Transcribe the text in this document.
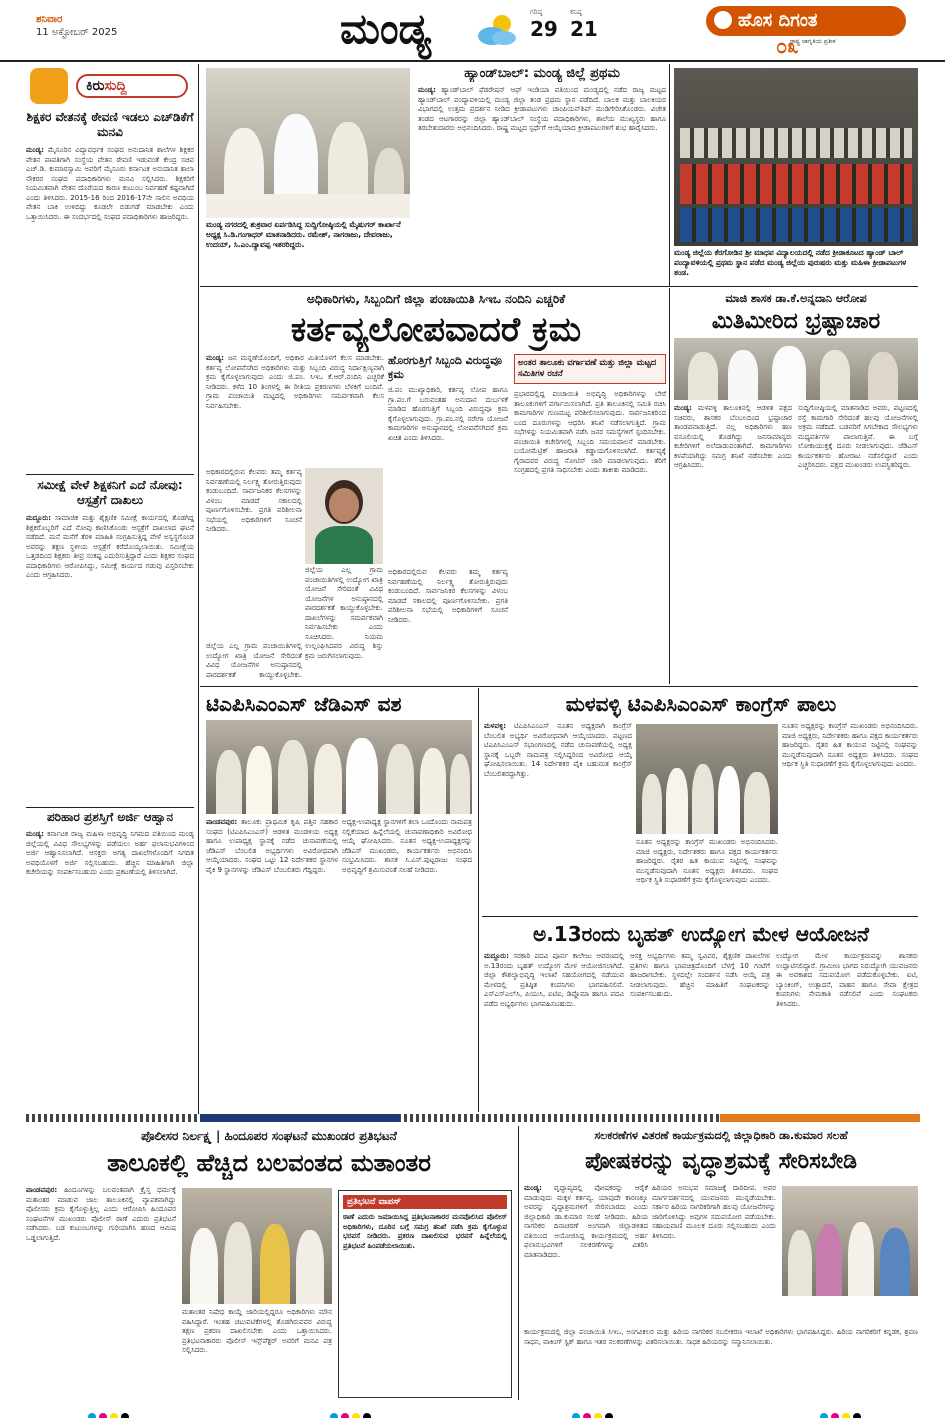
ಶನಿವಾರ
11 ಅಕ್ಟೋಬರ್ 2025	ಮಂಡ್ಯ	ಗರಿಷ್ಠ
29
ಕನಿಷ್ಠ
21	ಹೊಸ ದಿಗಂತ
ರಾಷ್ಟ್ರ ಜಾಗೃತಿಯ ಪ್ರತೀಕ
೦೩
ಕಿರುಸುದ್ದಿ
ಶಿಕ್ಷಕರ ವೇತನಕ್ಕೆ ಠೇವಣಿ ಇಡಲು ಎಚ್‌ಡಿಕೆಗೆ ಮನವಿ
ಮಂಡ್ಯ: ಮೈಸೂರಿನ ವಿದ್ಯಾವರ್ಧಕ ಸಂಘದ ಅನುದಾನಿತ ಶಾಲೆಗಳ ಶಿಕ್ಷಕರ ವೇತನ ಪಾವತಿಗಾಗಿ ಸಂಸ್ಥೆಯ ವೇತನ ಠೇವಣಿ ಇಡುವಂತೆ ಕೇಂದ್ರ ಸಚಿವ ಎಚ್.ಡಿ. ಕುಮಾರಸ್ವಾಮಿ ಅವರಿಗೆ ಮೈಸೂರು ಕರ್ನಾಟಕ ಅನುದಾನಿತ ಶಾಲಾ ನೌಕರರ ಸಂಘದ ಪದಾಧಿಕಾರಿಗಳು ಮನವಿ ಸಲ್ಲಿಸಿದರು. ಶಿಕ್ಷಕರಿಗೆ ನಿಯಮಿತವಾಗಿ ವೇತನ ದೊರೆಯದ ಕಾರಣ ಕುಟುಂಬ ನಿರ್ವಹಣೆ ಕಷ್ಟವಾಗಿದೆ ಎಂದು ತಿಳಿಸಿದರು. 2015-16 ರಿಂದ 2016-17ನೇ ಸಾಲಿನ ಅವಧಿಯ ವೇತನ ಬಾಕಿ ಉಳಿದಿದ್ದು ಕೂಡಲೇ ಬಿಡುಗಡೆ ಮಾಡಬೇಕು ಎಂದು ಒತ್ತಾಯಿಸಿದರು. ಈ ಸಂದರ್ಭದಲ್ಲಿ ಸಂಘದ ಪದಾಧಿಕಾರಿಗಳು ಹಾಜರಿದ್ದರು.
ಸಮೀಕ್ಷೆ ವೇಳೆ ಶಿಕ್ಷಕನಿಗೆ ಎದೆ ನೋವು: ಆಸ್ಪತ್ರೆಗೆ ದಾಖಲು
ಮದ್ದೂರು: ಸಾಮಾಜಿಕ ಮತ್ತು ಶೈಕ್ಷಣಿಕ ಸಮೀಕ್ಷೆ ಕಾರ್ಯದಲ್ಲಿ ತೊಡಗಿದ್ದ ಶಿಕ್ಷಕರೊಬ್ಬರಿಗೆ ಎದೆ ನೋವು ಕಾಣಿಸಿಕೊಂಡು ಆಸ್ಪತ್ರೆಗೆ ದಾಖಲಾದ ಘಟನೆ ನಡೆದಿದೆ. ಮನೆ ಮನೆಗೆ ತೆರಳಿ ಮಾಹಿತಿ ಸಂಗ್ರಹಿಸುತ್ತಿದ್ದ ವೇಳೆ ಅಸ್ವಸ್ಥಗೊಂಡ ಅವರನ್ನು ತಕ್ಷಣ ಸ್ಥಳೀಯ ಆಸ್ಪತ್ರೆಗೆ ಕರೆದೊಯ್ಯಲಾಯಿತು. ಸಮೀಕ್ಷೆಯ ಒತ್ತಡದಿಂದ ಶಿಕ್ಷಕರು ತೀವ್ರ ಸಂಕಷ್ಟ ಎದುರಿಸುತ್ತಿದ್ದಾರೆ ಎಂದು ಶಿಕ್ಷಕರ ಸಂಘದ ಪದಾಧಿಕಾರಿಗಳು ಆರೋಪಿಸಿದ್ದು, ಸಮೀಕ್ಷೆ ಕಾರ್ಯದ ಗಡುವು ವಿಸ್ತರಿಸಬೇಕು ಎಂದು ಆಗ್ರಹಿಸಿದರು.
ಪರಿಹಾರ ಪ್ರಶಸ್ತಿಗೆ ಅರ್ಜಿ ಆಹ್ವಾನ
ಮಂಡ್ಯ: ಕರ್ನಾಟಕ ರಾಜ್ಯ ಮಹಿಳಾ ಅಭಿವೃದ್ಧಿ ನಿಗಮದ ವತಿಯಿಂದ ಮಂಡ್ಯ ಜಿಲ್ಲೆಯಲ್ಲಿ ವಿವಿಧ ಸೌಲಭ್ಯಗಳನ್ನು ಪಡೆಯಲು ಅರ್ಹ ಫಲಾನುಭವಿಗಳಿಂದ ಅರ್ಜಿ ಆಹ್ವಾನಿಸಲಾಗಿದೆ. ಆಸಕ್ತರು ಅಗತ್ಯ ದಾಖಲೆಗಳೊಂದಿಗೆ ನಿಗದಿತ ಅವಧಿಯೊಳಗೆ ಅರ್ಜಿ ಸಲ್ಲಿಸಬಹುದು. ಹೆಚ್ಚಿನ ಮಾಹಿತಿಗಾಗಿ ಜಿಲ್ಲಾ ಕಚೇರಿಯನ್ನು ಸಂಪರ್ಕಿಸಬಹುದು ಎಂದು ಪ್ರಕಟಣೆಯಲ್ಲಿ ತಿಳಿಸಲಾಗಿದೆ.
ಮಂಡ್ಯ ನಗರದಲ್ಲಿ ಶುಕ್ರವಾರ ಏರ್ಪಡಿಸಿದ್ದ ಸುದ್ದಿಗೋಷ್ಠಿಯಲ್ಲಿ ಮೈಷುಗರ್ ಕಾರ್ಖಾನೆ ಅಧ್ಯಕ್ಷ ಸಿ.ಡಿ.ಗಂಗಾಧರ್ ಮಾತನಾಡಿದರು. ರಮೇಶ್, ನಾಗರಾಜು, ದೇವರಾಜು, ಉದಯ್, ಸಿ.ಎಂ.ದ್ಯಾವಪ್ಪ ಇತರರಿದ್ದರು.
ಹ್ಯಾಂಡ್‌ಬಾಲ್: ಮಂಡ್ಯ ಜಿಲ್ಲೆ ಪ್ರಥಮ
ಮಂಡ್ಯ: ಹ್ಯಾಂಡ್‌ಬಾಲ್ ಫೆಡರೇಷನ್ ಆಫ್ ಇಂಡಿಯಾ ವತಿಯಿಂದ ಮಂಡ್ಯದಲ್ಲಿ ನಡೆದ ರಾಜ್ಯ ಮಟ್ಟದ ಹ್ಯಾಂಡ್‌ಬಾಲ್ ಪಂದ್ಯಾವಳಿಯಲ್ಲಿ ಮಂಡ್ಯ ಜಿಲ್ಲಾ ತಂಡ ಪ್ರಥಮ ಸ್ಥಾನ ಪಡೆದಿದೆ. ಬಾಲಕ ಮತ್ತು ಬಾಲಕಿಯರ ವಿಭಾಗದಲ್ಲಿ ಉತ್ತಮ ಪ್ರದರ್ಶನ ನೀಡಿದ ಕ್ರೀಡಾಪಟುಗಳು ಚಾಂಪಿಯನ್‌ಶಿಪ್ ಮುಡಿಗೇರಿಸಿಕೊಂಡರು. ವಿಜೇತ ತಂಡದ ಆಟಗಾರರನ್ನು ಜಿಲ್ಲಾ ಹ್ಯಾಂಡ್‌ಬಾಲ್ ಸಂಸ್ಥೆಯ ಪದಾಧಿಕಾರಿಗಳು, ಶಾಲೆಯ ಮುಖ್ಯಸ್ಥರು ಹಾಗೂ ತರಬೇತುದಾರರು ಅಭಿನಂದಿಸಿದರು. ರಾಷ್ಟ್ರ ಮಟ್ಟದ ಸ್ಪರ್ಧೆಗೆ ಆಯ್ಕೆಯಾದ ಕ್ರೀಡಾಪಟುಗಳಿಗೆ ಶುಭ ಹಾರೈಸಿದರು.
ಮಂಡ್ಯ ಜಿಲ್ಲೆಯ ಕೆರಗೋಡಿನ ಶ್ರೀ ಮಾಧವ ವಿದ್ಯಾಲಯದಲ್ಲಿ ನಡೆದ ಕ್ರೀಡಾಕೂಟದ ಹ್ಯಾಂಡ್ ಬಾಲ್ ಪಂದ್ಯಾವಳಿಯಲ್ಲಿ ಪ್ರಥಮ ಸ್ಥಾನ ಪಡೆದ ಮಂಡ್ಯ ಜಿಲ್ಲೆಯ ಪುರುಷರು ಮತ್ತು ಮಹಿಳಾ ಕ್ರೀಡಾಪಟುಗಳ ತಂಡ.
ಅಧಿಕಾರಿಗಳು, ಸಿಬ್ಬಂದಿಗೆ ಜಿಲ್ಲಾ ಪಂಚಾಯಿತಿ ಸಿಇಒ ನಂದಿನಿ ಎಚ್ಚರಿಕೆ
ಕರ್ತವ್ಯಲೋಪವಾದರೆ ಕ್ರಮ
ಮಂಡ್ಯ: ಜನ ಮನ್ನಣೆಯೊಂದಿಗೆ, ಅಧಿಕಾರ ಮಿತಿಯೊಳಗೆ ಕೆಲಸ ಮಾಡಬೇಕು. ಕರ್ತವ್ಯ ಲೋಪವೆಸಗಿದ ಅಧಿಕಾರಿಗಳು ಮತ್ತು ಸಿಬ್ಬಂದಿ ವಿರುದ್ಧ ನಿರ್ದಾಕ್ಷಿಣ್ಯವಾಗಿ ಕ್ರಮ ಕೈಗೊಳ್ಳಲಾಗುವುದು ಎಂದು ಜಿ.ಪಂ. ಸಿಇಒ ಕೆ.ಆರ್.ನಂದಿನಿ ಎಚ್ಚರಿಕೆ ನೀಡಿದರು. ಕಳೆದ 10 ತಿಂಗಳಲ್ಲಿ ಈ ರೀತಿಯ ಪ್ರಕರಣಗಳು ಬೆಳಕಿಗೆ ಬಂದಿವೆ. ಗ್ರಾಮ ಪಂಚಾಯಿತಿ ಮಟ್ಟದಲ್ಲಿ ಅಧಿಕಾರಿಗಳು ಸಮರ್ಪಕವಾಗಿ ಕೆಲಸ ನಿರ್ವಹಿಸಬೇಕು.
ಅಧಿಕಾರದಲ್ಲಿರುವ ಕೆಲವರು ತಮ್ಮ ಕರ್ತವ್ಯ ನಿರ್ವಹಣೆಯಲ್ಲಿ ನಿರ್ಲಕ್ಷ್ಯ ತೋರುತ್ತಿರುವುದು ಕಂಡುಬಂದಿದೆ. ಸಾರ್ವಜನಿಕರ ಕೆಲಸಗಳನ್ನು ವಿಳಂಬ ಮಾಡದೆ ಸಕಾಲದಲ್ಲಿ ಪೂರ್ಣಗೊಳಿಸಬೇಕು. ಪ್ರಗತಿ ಪರಿಶೀಲನಾ ಸಭೆಯಲ್ಲಿ ಅಧಿಕಾರಿಗಳಿಗೆ ಸೂಚನೆ ನೀಡಿದರು.
ಜಿಲ್ಲೆಯ ಎಲ್ಲ ಗ್ರಾಮ ಪಂಚಾಯಿತಿಗಳಲ್ಲಿ ಉದ್ಯೋಗ ಖಾತ್ರಿ ಯೋಜನೆ ಸೇರಿದಂತೆ ವಿವಿಧ ಯೋಜನೆಗಳ ಅನುಷ್ಠಾನದಲ್ಲಿ ಪಾರದರ್ಶಕತೆ ಕಾಯ್ದುಕೊಳ್ಳಬೇಕು. ದಾಖಲೆಗಳನ್ನು ಸಮರ್ಪಕವಾಗಿ ನಿರ್ವಹಿಸಬೇಕು ಎಂದು ಸೂಚಿಸಿದರು. ನಿಯಮ ಉಲ್ಲಂಘಿಸಿದವರ ವಿರುದ್ಧ ಶಿಸ್ತು ಕ್ರಮ ಜರುಗಿಸಲಾಗುವುದು.
ಜಿಲ್ಲೆಯ ಎಲ್ಲ ಗ್ರಾಮ ಪಂಚಾಯಿತಿಗಳಲ್ಲಿ ಉದ್ಯೋಗ ಖಾತ್ರಿ ಯೋಜನೆ ಸೇರಿದಂತೆ ವಿವಿಧ ಯೋಜನೆಗಳ ಅನುಷ್ಠಾನದಲ್ಲಿ ಪಾರದರ್ಶಕತೆ ಕಾಯ್ದುಕೊಳ್ಳಬೇಕು.
ಹೊರಗುತ್ತಿಗೆ ಸಿಬ್ಬಂದಿ ವಿರುದ್ಧವೂ ಕ್ರಮ
ಜಿ.ಪಂ ಮುಖ್ಯಾಧಿಕಾರಿ, ಕರ್ತವ್ಯ ಲೋಪ ಹಾಗೂ ಗ್ರಾ.ಪಂ.ಗೆ ಬರುವಂತಹ ಅನುದಾನ ದುರ್ಬಳಕೆ ಮಾಡಿದ ಹೊರಗುತ್ತಿಗೆ ಸಿಬ್ಬಂದಿ ವಿರುದ್ಧವೂ ಕ್ರಮ ಕೈಗೊಳ್ಳಲಾಗುವುದು. ಗ್ರಾ.ಪಂ.ನಲ್ಲಿ ನರೇಗಾ ಯೋಜನೆ ಕಾಮಗಾರಿಗಳ ಅನುಷ್ಠಾನದಲ್ಲಿ ಲೋಪವೆಸಗಿದರೆ ಕ್ರಮ ಖಚಿತ ಎಂದು ತಿಳಿಸಿದರು.
ಅಧಿಕಾರದಲ್ಲಿರುವ ಕೆಲವರು ತಮ್ಮ ಕರ್ತವ್ಯ ನಿರ್ವಹಣೆಯಲ್ಲಿ ನಿರ್ಲಕ್ಷ್ಯ ತೋರುತ್ತಿರುವುದು ಕಂಡುಬಂದಿದೆ. ಸಾರ್ವಜನಿಕರ ಕೆಲಸಗಳನ್ನು ವಿಳಂಬ ಮಾಡದೆ ಸಕಾಲದಲ್ಲಿ ಪೂರ್ಣಗೊಳಿಸಬೇಕು. ಪ್ರಗತಿ ಪರಿಶೀಲನಾ ಸಭೆಯಲ್ಲಿ ಅಧಿಕಾರಿಗಳಿಗೆ ಸೂಚನೆ ನೀಡಿದರು.
ಅಂತರ ತಾಲೂಕು ವರ್ಗಾವಣೆ ಮತ್ತು ಜಿಲ್ಲಾ ಮಟ್ಟದ ಸಮಿತಿಗಳ ರಚನೆ
ಪ್ರಭಾರದಲ್ಲಿದ್ದ ಪಂಚಾಯಿತಿ ಅಭಿವೃದ್ಧಿ ಅಧಿಕಾರಿಗಳನ್ನು ಬೇರೆ ತಾಲೂಕುಗಳಿಗೆ ವರ್ಗಾಯಿಸಲಾಗಿದೆ. ಪ್ರತಿ ತಾಲೂಕಿನಲ್ಲಿ ಸಮಿತಿ ರಚಿಸಿ ಕಾಮಗಾರಿಗಳ ಗುಣಮಟ್ಟ ಪರಿಶೀಲಿಸಲಾಗುವುದು. ಸಾರ್ವಜನಿಕರಿಂದ ಬಂದ ದೂರುಗಳನ್ನು ಆಧರಿಸಿ ತನಿಖೆ ನಡೆಸಲಾಗುತ್ತಿದೆ. ಗ್ರಾಮ ಸಭೆಗಳನ್ನು ನಿಯಮಿತವಾಗಿ ನಡೆಸಿ ಜನರ ಸಮಸ್ಯೆಗಳಿಗೆ ಸ್ಪಂದಿಸಬೇಕು. ಪಂಚಾಯಿತಿ ಕಚೇರಿಗಳಲ್ಲಿ ಸಿಬ್ಬಂದಿ ಸಮಯಪಾಲನೆ ಮಾಡಬೇಕು. ಬಯೋಮೆಟ್ರಿಕ್ ಹಾಜರಾತಿ ಕಡ್ಡಾಯಗೊಳಿಸಲಾಗಿದೆ. ಕರ್ತವ್ಯಕ್ಕೆ ಗೈರಾದವರ ವಿರುದ್ಧ ನೋಟಿಸ್ ಜಾರಿ ಮಾಡಲಾಗುವುದು. ತೆರಿಗೆ ಸಂಗ್ರಹದಲ್ಲಿ ಪ್ರಗತಿ ಸಾಧಿಸಬೇಕು ಎಂದು ತಾಕೀತು ಮಾಡಿದರು.
ಮಾಜಿ ಶಾಸಕ ಡಾ.ಕೆ.ಅನ್ನದಾನಿ ಆರೋಪ
ಮಿತಿಮೀರಿದ ಭ್ರಷ್ಟಾಚಾರ
ಮಂಡ್ಯ: ಮಳವಳ್ಳಿ ತಾಲೂಕಿನಲ್ಲಿ ಆಡಳಿತ ಪಕ್ಷದ ಸಚಿವರು, ಶಾಸಕರ ಬೆಂಬಲದಿಂದ ಭ್ರಷ್ಟಾಚಾರ ತಾಂಡವವಾಡುತ್ತಿದೆ. ನಲ್ಲ ಅಧಿಕಾರಿಗಳು ಹಣ ವಸೂಲಿಯಲ್ಲಿ ತೊಡಗಿದ್ದು ಜನಸಾಮಾನ್ಯರು ಕಚೇರಿಗಳಿಗೆ ಅಲೆದಾಡುವಂತಾಗಿದೆ. ಕಾಮಗಾರಿಗಳು ಕಳಪೆಯಾಗಿದ್ದು ಸಮಗ್ರ ತನಿಖೆ ನಡೆಸಬೇಕು ಎಂದು ಆಗ್ರಹಿಸಿದರು.
ಸುದ್ದಿಗೋಷ್ಠಿಯಲ್ಲಿ ಮಾತನಾಡಿದ ಅವರು, ಪಟ್ಟಣದಲ್ಲಿ ರಸ್ತೆ ಕಾಮಗಾರಿ ಸೇರಿದಂತೆ ಹಲವು ಯೋಜನೆಗಳಲ್ಲಿ ಅಕ್ರಮ ನಡೆದಿದೆ. ಬಡವರಿಗೆ ಸಿಗಬೇಕಾದ ಸೌಲಭ್ಯಗಳು ಮಧ್ಯವರ್ತಿಗಳ ಪಾಲಾಗುತ್ತಿವೆ. ಈ ಬಗ್ಗೆ ಲೋಕಾಯುಕ್ತಕ್ಕೆ ದೂರು ನೀಡಲಾಗುವುದು. ಜೆಡಿಎಸ್ ಕಾರ್ಯಕರ್ತರು ಹೋರಾಟ ನಡೆಸಲಿದ್ದಾರೆ ಎಂದು ಎಚ್ಚರಿಸಿದರು. ಪಕ್ಷದ ಮುಖಂಡರು ಉಪಸ್ಥಿತರಿದ್ದರು.
ಟಿಎಪಿಸಿಎಂಎಸ್ ಜೆಡಿಎಸ್ ವಶ
ಪಾಂಡವಪುರ: ತಾಲೂಕು ಪ್ರಾಥಮಿಕ ಕೃಷಿ ಪತ್ತಿನ ಸಹಕಾರ ಸಂಘದ (ಟಿಎಪಿಸಿಎಂಎಸ್) ಆಡಳಿತ ಮಂಡಳಿಯ ಅಧ್ಯಕ್ಷ ಹಾಗೂ ಉಪಾಧ್ಯಕ್ಷ ಸ್ಥಾನಕ್ಕೆ ನಡೆದ ಚುನಾವಣೆಯಲ್ಲಿ ಜೆಡಿಎಸ್ ಬೆಂಬಲಿತ ಅಭ್ಯರ್ಥಿಗಳು ಅವಿರೋಧವಾಗಿ ಆಯ್ಕೆಯಾದರು. ಸಂಘದ ಒಟ್ಟು 12 ನಿರ್ದೇಶಕರ ಸ್ಥಾನಗಳ ಪೈಕಿ 9 ಸ್ಥಾನಗಳನ್ನು ಜೆಡಿಎಸ್ ಬೆಂಬಲಿತರು ಗೆದ್ದಿದ್ದರು.
ಅಧ್ಯಕ್ಷ-ಉಪಾಧ್ಯಕ್ಷ ಸ್ಥಾನಗಳಿಗೆ ತಲಾ ಒಂದೊಂದು ನಾಮಪತ್ರ ಸಲ್ಲಿಕೆಯಾದ ಹಿನ್ನೆಲೆಯಲ್ಲಿ ಚುನಾವಣಾಧಿಕಾರಿ ಅವಿರೋಧ ಆಯ್ಕೆ ಘೋಷಿಸಿದರು. ನೂತನ ಅಧ್ಯಕ್ಷ-ಉಪಾಧ್ಯಕ್ಷರನ್ನು ಜೆಡಿಎಸ್ ಮುಖಂಡರು, ಕಾರ್ಯಕರ್ತರು ಅಭಿನಂದಿಸಿ ಸಂಭ್ರಮಿಸಿದರು. ಶಾಸಕ ಸಿ.ಎಸ್.ಪುಟ್ಟರಾಜು ಸಂಘದ ಅಭಿವೃದ್ಧಿಗೆ ಶ್ರಮಿಸುವಂತೆ ಸಲಹೆ ನೀಡಿದರು.
ಮಳವಳ್ಳಿ ಟಿಎಪಿಸಿಎಂಎಸ್ ಕಾಂಗ್ರೆಸ್ ಪಾಲು
ಮಳವಳ್ಳಿ: ಟಿಎಪಿಸಿಎಂಎಸ್ ನೂತನ ಅಧ್ಯಕ್ಷರಾಗಿ ಕಾಂಗ್ರೆಸ್ ಬೆಂಬಲಿತ ಅಭ್ಯರ್ಥಿ ಅವಿರೋಧವಾಗಿ ಆಯ್ಕೆಯಾದರು. ಪಟ್ಟಣದ ಟಿಎಪಿಸಿಎಂಎಸ್ ಸಭಾಂಗಣದಲ್ಲಿ ನಡೆದ ಚುನಾವಣೆಯಲ್ಲಿ ಅಧ್ಯಕ್ಷ ಸ್ಥಾನಕ್ಕೆ ಒಬ್ಬರೇ ನಾಮಪತ್ರ ಸಲ್ಲಿಸಿದ್ದರಿಂದ ಅವಿರೋಧ ಆಯ್ಕೆ ಘೋಷಿಸಲಾಯಿತು. 14 ನಿರ್ದೇಶಕರ ಪೈಕಿ ಬಹುಮತ ಕಾಂಗ್ರೆಸ್ ಬೆಂಬಲಿತರದ್ದಾಗಿತ್ತು.
ನೂತನ ಅಧ್ಯಕ್ಷರನ್ನು ಕಾಂಗ್ರೆಸ್ ಮುಖಂಡರು ಅಭಿನಂದಿಸಿದರು. ಮಾಜಿ ಅಧ್ಯಕ್ಷರು, ನಿರ್ದೇಶಕರು ಹಾಗೂ ಪಕ್ಷದ ಕಾರ್ಯಕರ್ತರು ಹಾಜರಿದ್ದರು. ರೈತರ ಹಿತ ಕಾಯುವ ನಿಟ್ಟಿನಲ್ಲಿ ಸಂಘವನ್ನು ಮುನ್ನಡೆಸುವುದಾಗಿ ನೂತನ ಅಧ್ಯಕ್ಷರು ತಿಳಿಸಿದರು. ಸಂಘದ ಆರ್ಥಿಕ ಸ್ಥಿತಿ ಸುಧಾರಣೆಗೆ ಕ್ರಮ ಕೈಗೊಳ್ಳಲಾಗುವುದು ಎಂದರು.
ನೂತನ ಅಧ್ಯಕ್ಷರನ್ನು ಕಾಂಗ್ರೆಸ್ ಮುಖಂಡರು ಅಭಿನಂದಿಸಿದರು. ಮಾಜಿ ಅಧ್ಯಕ್ಷರು, ನಿರ್ದೇಶಕರು ಹಾಗೂ ಪಕ್ಷದ ಕಾರ್ಯಕರ್ತರು ಹಾಜರಿದ್ದರು. ರೈತರ ಹಿತ ಕಾಯುವ ನಿಟ್ಟಿನಲ್ಲಿ ಸಂಘವನ್ನು ಮುನ್ನಡೆಸುವುದಾಗಿ ನೂತನ ಅಧ್ಯಕ್ಷರು ತಿಳಿಸಿದರು. ಸಂಘದ ಆರ್ಥಿಕ ಸ್ಥಿತಿ ಸುಧಾರಣೆಗೆ ಕ್ರಮ ಕೈಗೊಳ್ಳಲಾಗುವುದು ಎಂದರು.
ಅ.13ರಂದು ಬೃಹತ್ ಉದ್ಯೋಗ ಮೇಳ ಆಯೋಜನೆ
ಮದ್ದೂರು: ಸರಕಾರಿ ಪದವಿ ಪೂರ್ವ ಕಾಲೇಜು ಆವರಣದಲ್ಲಿ ಅ.13ರಂದು ಬೃಹತ್ ಉದ್ಯೋಗ ಮೇಳ ಆಯೋಜಿಸಲಾಗಿದೆ. ಜಿಲ್ಲಾ ಕೌಶಲ್ಯಾಭಿವೃದ್ಧಿ ಇಲಾಖೆ ಸಹಯೋಗದಲ್ಲಿ ನಡೆಯುವ ಮೇಳದಲ್ಲಿ ಪ್ರತಿಷ್ಠಿತ ಕಂಪನಿಗಳು ಭಾಗವಹಿಸಲಿವೆ. ಎಸ್‌ಎಸ್‌ಎಲ್‌ಸಿ, ಪಿಯುಸಿ, ಐಟಿಐ, ಡಿಪ್ಲೊಮಾ ಹಾಗೂ ಪದವಿ ಪಡೆದ ಅಭ್ಯರ್ಥಿಗಳು ಭಾಗವಹಿಸಬಹುದು.
ಆಸಕ್ತ ಅಭ್ಯರ್ಥಿಗಳು ತಮ್ಮ ಸ್ವವಿವರ, ಶೈಕ್ಷಣಿಕ ದಾಖಲೆಗಳ ಪ್ರತಿಗಳು ಹಾಗೂ ಭಾವಚಿತ್ರದೊಂದಿಗೆ ಬೆಳಗ್ಗೆ 10 ಗಂಟೆಗೆ ಹಾಜರಾಗಬೇಕು. ಸ್ಥಳದಲ್ಲೇ ಸಂದರ್ಶನ ನಡೆಸಿ ಆಯ್ಕೆ ಪತ್ರ ನೀಡಲಾಗುವುದು. ಹೆಚ್ಚಿನ ಮಾಹಿತಿಗೆ ಸಂಘಟಕರನ್ನು ಸಂಪರ್ಕಿಸಬಹುದು.
ಉದ್ಯೋಗ ಮೇಳ ಕಾರ್ಯಕ್ರಮವನ್ನು ಶಾಸಕರು ಉದ್ಘಾಟಿಸಲಿದ್ದಾರೆ. ಗ್ರಾಮೀಣ ಭಾಗದ ನಿರುದ್ಯೋಗಿ ಯುವಜನರು ಈ ಅವಕಾಶದ ಸದುಪಯೋಗ ಪಡೆದುಕೊಳ್ಳಬೇಕು. ಐಟಿ, ಬ್ಯಾಂಕಿಂಗ್, ಉತ್ಪಾದನೆ, ವಾಹನ ಹಾಗೂ ಸೇವಾ ಕ್ಷೇತ್ರದ ಕಂಪನಿಗಳು ನೇಮಕಾತಿ ನಡೆಸಲಿವೆ ಎಂದು ಸಂಘಟಕರು ತಿಳಿಸಿದರು.
ಪೊಲೀಸರ ನಿರ್ಲಕ್ಷ್ಯ | ಹಿಂದೂಪರ ಸಂಘಟನೆ ಮುಖಂಡರ ಪ್ರತಿಭಟನೆ
ತಾಲೂಕಲ್ಲಿ ಹೆಚ್ಚಿದ ಬಲವಂತದ ಮತಾಂತರ
ಪಾಂಡವಪುರ: ಹಿಂದೂಗಳನ್ನು ಬಲವಂತವಾಗಿ ಕ್ರೈಸ್ತ ಧರ್ಮಕ್ಕೆ ಮತಾಂತರ ಮಾಡುವ ಜಾಲ ತಾಲೂಕಿನಲ್ಲಿ ವ್ಯಾಪಕವಾಗಿದ್ದು ಪೊಲೀಸರು ಕ್ರಮ ಕೈಗೊಳ್ಳುತ್ತಿಲ್ಲ ಎಂದು ಆರೋಪಿಸಿ ಹಿಂದೂಪರ ಸಂಘಟನೆಗಳ ಮುಖಂಡರು ಪೊಲೀಸ್ ಠಾಣೆ ಎದುರು ಪ್ರತಿಭಟನೆ ನಡೆಸಿದರು. ಬಡ ಕುಟುಂಬಗಳನ್ನು ಗುರಿಯಾಗಿಸಿ ಹಣದ ಆಮಿಷ ಒಡ್ಡಲಾಗುತ್ತಿದೆ.
ಮತಾಂತರ ನಿಷೇಧ ಕಾಯ್ದೆ ಜಾರಿಯಲ್ಲಿದ್ದರೂ ಅಧಿಕಾರಿಗಳು ಮೌನ ವಹಿಸಿದ್ದಾರೆ. ಇಂತಹ ಚಟುವಟಿಕೆಗಳಲ್ಲಿ ತೊಡಗಿರುವವರ ವಿರುದ್ಧ ತಕ್ಷಣ ಪ್ರಕರಣ ದಾಖಲಿಸಬೇಕು ಎಂದು ಒತ್ತಾಯಿಸಿದರು. ಪ್ರತಿಭಟನಾಕಾರರು ಪೊಲೀಸ್ ಇನ್ಸ್‌ಪೆಕ್ಟರ್ ಅವರಿಗೆ ಮನವಿ ಪತ್ರ ಸಲ್ಲಿಸಿದರು.
ಪ್ರತಿಭಟನೆ ವಾಪಸ್
ಠಾಣೆ ಎದುರು ಜಮಾಯಿಸಿದ್ದ ಪ್ರತಿಭಟನಾಕಾರರ ಮನವೊಲಿಸಿದ ಪೊಲೀಸ್ ಅಧಿಕಾರಿಗಳು, ದೂರಿನ ಬಗ್ಗೆ ಸಮಗ್ರ ತನಿಖೆ ನಡೆಸಿ ಕ್ರಮ ಕೈಗೊಳ್ಳುವ ಭರವಸೆ ನೀಡಿದರು. ಪ್ರಕರಣ ದಾಖಲಿಸುವ ಭರವಸೆ ಹಿನ್ನೆಲೆಯಲ್ಲಿ ಪ್ರತಿಭಟನೆ ಹಿಂಪಡೆಯಲಾಯಿತು.
ಸಲಕರಣೆಗಳ ವಿತರಣೆ ಕಾರ್ಯಕ್ರಮದಲ್ಲಿ ಜಿಲ್ಲಾಧಿಕಾರಿ ಡಾ.ಕುಮಾರ ಸಲಹೆ
ಪೋಷಕರನ್ನು ವೃದ್ಧಾಶ್ರಮಕ್ಕೆ ಸೇರಿಸಬೇಡಿ
ಮಂಡ್ಯ: ವೃದ್ಧಾಪ್ಯದಲ್ಲಿ ಪೋಷಕರನ್ನು ಆರೈಕೆ ಮಾಡುವುದು ಮಕ್ಕಳ ಕರ್ತವ್ಯ. ಯಾವುದೇ ಕಾರಣಕ್ಕೂ ಅವರನ್ನು ವೃದ್ಧಾಶ್ರಮಗಳಿಗೆ ಸೇರಿಸಬಾರದು ಎಂದು ಜಿಲ್ಲಾಧಿಕಾರಿ ಡಾ.ಕುಮಾರ ಸಲಹೆ ನೀಡಿದರು. ಹಿರಿಯ ನಾಗರಿಕರ ದಿನಾಚರಣೆ ಅಂಗವಾಗಿ ಜಿಲ್ಲಾಡಳಿತದ ವತಿಯಿಂದ ಆಯೋಜಿಸಿದ್ದ ಕಾರ್ಯಕ್ರಮದಲ್ಲಿ ಅರ್ಹ ಫಲಾನುಭವಿಗಳಿಗೆ ಸಲಕರಣೆಗಳನ್ನು ವಿತರಿಸಿ ಮಾತನಾಡಿದರು.
ಹಿರಿಯರ ಅನುಭವ ಸಮಾಜಕ್ಕೆ ದಾರಿದೀಪ. ಅವರ ಮಾರ್ಗದರ್ಶನದಲ್ಲಿ ಯುವಜನರು ಮುನ್ನಡೆಯಬೇಕು. ಸರ್ಕಾರ ಹಿರಿಯ ನಾಗರಿಕರಿಗಾಗಿ ಹಲವು ಯೋಜನೆಗಳನ್ನು ಜಾರಿಗೊಳಿಸಿದ್ದು ಅವುಗಳ ಸದುಪಯೋಗ ಪಡೆಯಬೇಕು. ಸಹಾಯವಾಣಿ ಮೂಲಕ ದೂರು ಸಲ್ಲಿಸಬಹುದು ಎಂದು ತಿಳಿಸಿದರು.
ಕಾರ್ಯಕ್ರಮದಲ್ಲಿ ಜಿಲ್ಲಾ ಪಂಚಾಯಿತಿ ಸಿಇಒ, ಅಂಗವಿಕಲರ ಮತ್ತು ಹಿರಿಯ ನಾಗರಿಕರ ಸಬಲೀಕರಣ ಇಲಾಖೆ ಅಧಿಕಾರಿಗಳು ಭಾಗವಹಿಸಿದ್ದರು. ಹಿರಿಯ ನಾಗರಿಕರಿಗೆ ಕನ್ನಡಕ, ಶ್ರವಣ ಸಾಧನ, ವಾಕಿಂಗ್ ಸ್ಟಿಕ್ ಹಾಗೂ ಇತರ ಸಲಕರಣೆಗಳನ್ನು ವಿತರಿಸಲಾಯಿತು. ಸಾಧಕ ಹಿರಿಯರನ್ನು ಸನ್ಮಾನಿಸಲಾಯಿತು.
